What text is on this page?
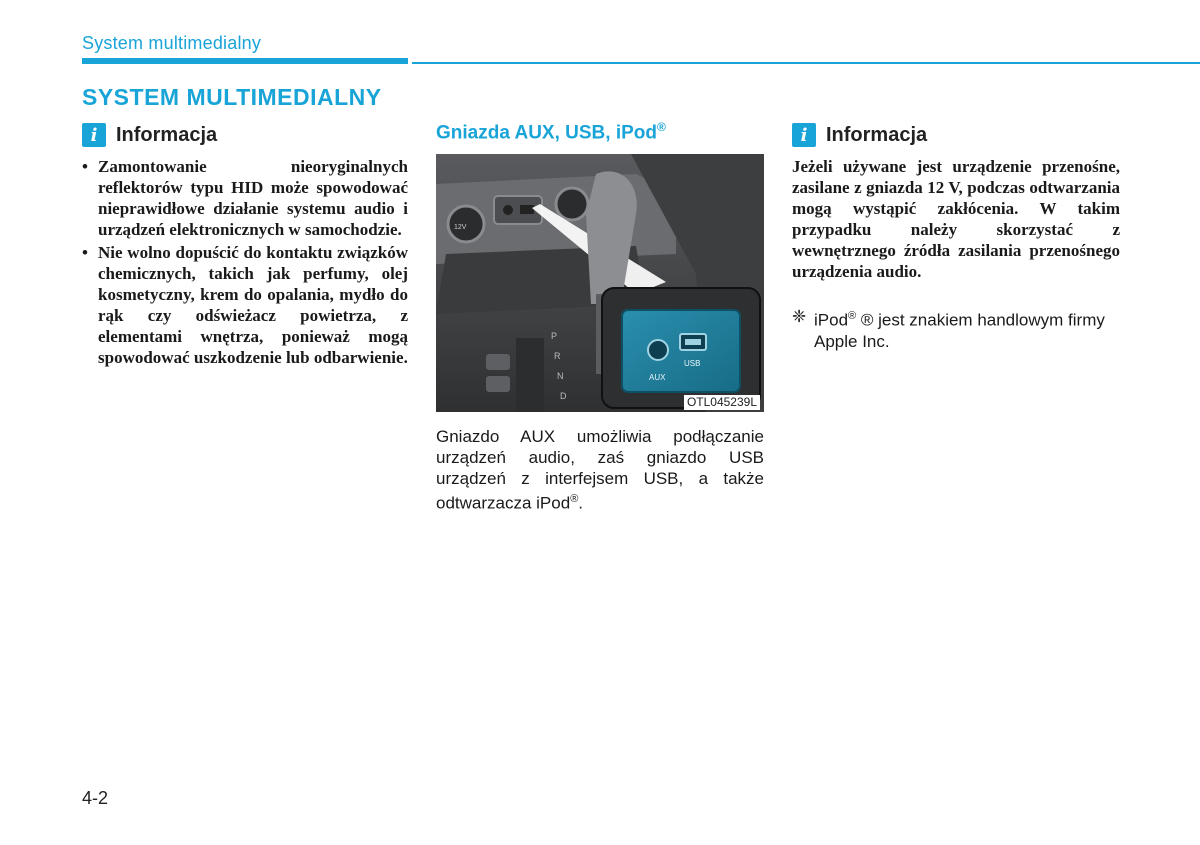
System multimedialny
SYSTEM MULTIMEDIALNY
i Informacja
• Zamontowanie nieoryginalnych reflektorów typu HID może spowodować nieprawidłowe działanie systemu audio i urządzeń elektronicznych w samochodzie.
• Nie wolno dopuścić do kontaktu związków chemicznych, takich jak perfumy, olej kosmetyczny, krem do opalania, mydło do rąk czy odświeżacz powietrza, z elementami wnętrza, ponieważ mogą spowodować uszkodzenie lub odbarwienie.
Gniazda AUX, USB, iPod®
P
R
N
D
AUX
USB
12V
OTL045239L
Gniazdo AUX umożliwia podłączanie urządzeń audio, zaś gniazdo USB urządzeń z interfejsem USB, a także odtwarzacza iPod®.
i Informacja
Jeżeli używane jest urządzenie przenośne, zasilane z gniazda 12 V, podczas odtwarzania mogą wystąpić zakłócenia. W takim przypadku należy skorzystać z wewnętrznego źródła zasilania przenośnego urządzenia audio.
❈ iPod® ® jest znakiem handlowym firmy Apple Inc.
4-2
